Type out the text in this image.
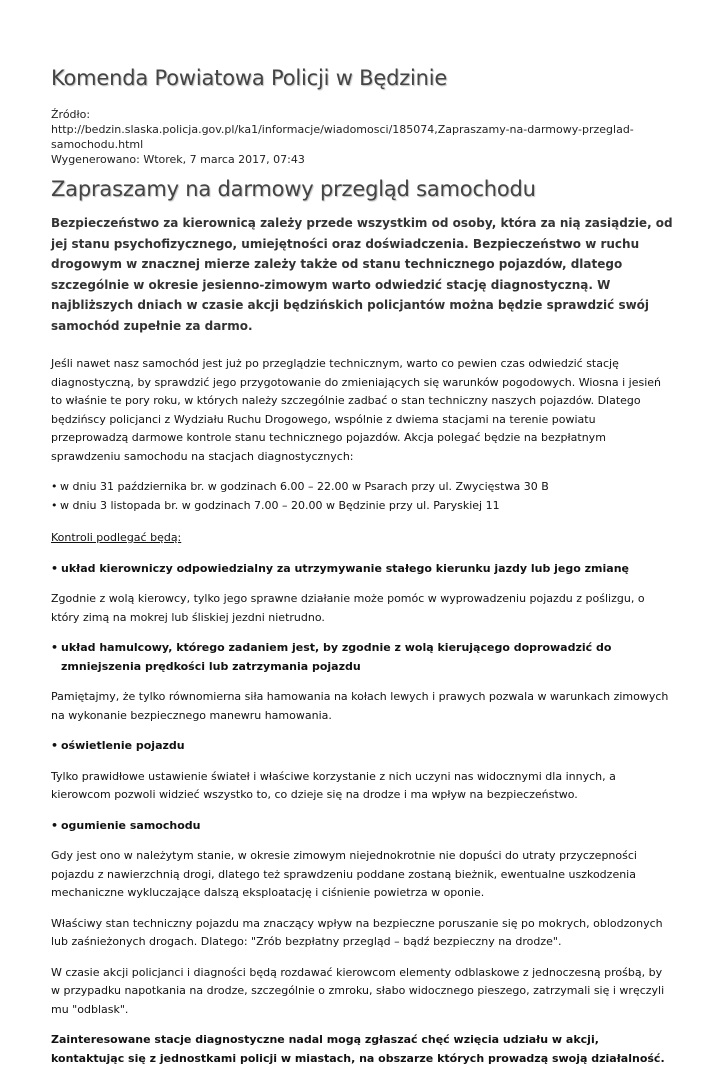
Komenda Powiatowa Policji w Będzinie

Źródło:

http://bedzin.slaska.policja.gov.pl/ka1/informacje/wiadomosci/185074,Zapraszamy-na-darmowy-przeglad-samochodu.html

Wygenerowano: Wtorek, 7 marca 2017, 07:43

Zapraszamy na darmowy przegląd samochodu

Bezpieczeństwo za kierownicą zależy przede wszystkim od osoby, która za nią zasiądzie, od jej stanu psychofizycznego, umiejętności oraz doświadczenia. Bezpieczeństwo w ruchu drogowym w znacznej mierze zależy także od stanu technicznego pojazdów, dlatego szczególnie w okresie jesienno-zimowym warto odwiedzić stację diagnostyczną. W najbliższych dniach w czasie akcji będzińskich policjantów można będzie sprawdzić swój samochód zupełnie za darmo.

Jeśli nawet nasz samochód jest już po przeglądzie technicznym, warto co pewien czas odwiedzić stację diagnostyczną, by sprawdzić jego przygotowanie do zmieniających się warunków pogodowych. Wiosna i jesień to właśnie te pory roku, w których należy szczególnie zadbać o stan techniczny naszych pojazdów. Dlatego będzińscy policjanci z Wydziału Ruchu Drogowego, wspólnie z dwiema stacjami na terenie powiatu przeprowadzą darmowe kontrole stanu technicznego pojazdów. Akcja polegać będzie na bezpłatnym sprawdzeniu samochodu na stacjach diagnostycznych:

• w dniu 31 października br. w godzinach 6.00 – 22.00 w Psarach przy ul. Zwycięstwa 30 B
• w dniu 3 listopada br. w godzinach 7.00 – 20.00 w Będzinie przy ul. Paryskiej 11

Kontroli podlegać będą:

• układ kierowniczy odpowiedzialny za utrzymywanie stałego kierunku jazdy lub jego zmianę

Zgodnie z wolą kierowcy, tylko jego sprawne działanie może pomóc w wyprowadzeniu pojazdu z poślizgu, o który zimą na mokrej lub śliskiej jezdni nietrudno.

• układ hamulcowy, którego zadaniem jest, by zgodnie z wolą kierującego doprowadzić do zmniejszenia prędkości lub zatrzymania pojazdu

Pamiętajmy, że tylko równomierna siła hamowania na kołach lewych i prawych pozwala w warunkach zimowych na wykonanie bezpiecznego manewru hamowania.

• oświetlenie pojazdu

Tylko prawidłowe ustawienie świateł i właściwe korzystanie z nich uczyni nas widocznymi dla innych, a kierowcom pozwoli widzieć wszystko to, co dzieje się na drodze i ma wpływ na bezpieczeństwo.

• ogumienie samochodu

Gdy jest ono w należytym stanie, w okresie zimowym niejednokrotnie nie dopuści do utraty przyczepności pojazdu z nawierzchnią drogi, dlatego też sprawdzeniu poddane zostaną bieżnik, ewentualne uszkodzenia mechaniczne wykluczające dalszą eksploatację i ciśnienie powietrza w oponie.

Właściwy stan techniczny pojazdu ma znaczący wpływ na bezpieczne poruszanie się po mokrych, oblodzonych lub zaśnieżonych drogach. Dlatego: "Zrób bezpłatny przegląd – bądź bezpieczny na drodze".

W czasie akcji policjanci i diagności będą rozdawać kierowcom elementy odblaskowe z jednoczesną prośbą, by w przypadku napotkania na drodze, szczególnie o zmroku, słabo widocznego pieszego, zatrzymali się i wręczyli mu "odblask".

Zainteresowane stacje diagnostyczne nadal mogą zgłaszać chęć wzięcia udziału w akcji, kontaktując się z jednostkami policji w miastach, na obszarze których prowadzą swoją działalność.
